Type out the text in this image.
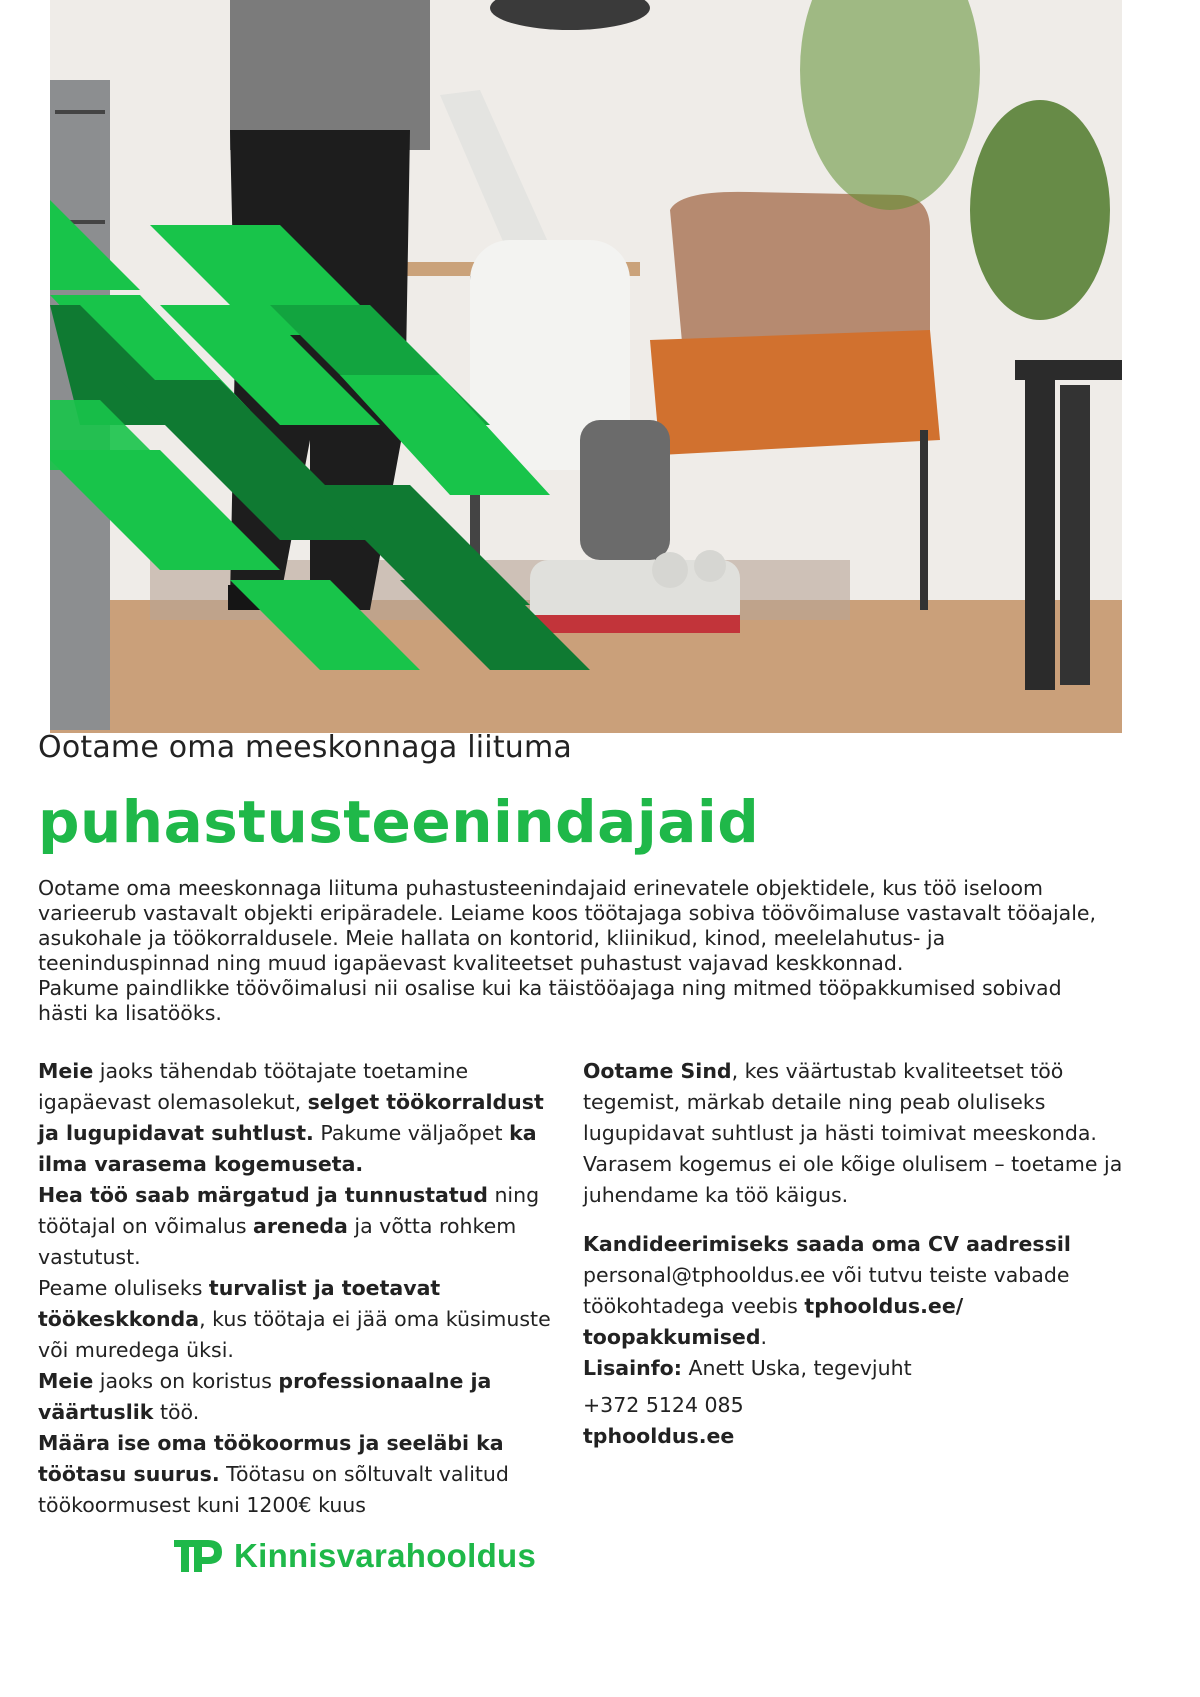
Ootame oma meeskonnaga liituma
puhastusteenindajaid

Ootame oma meeskonnaga liituma puhastusteenindajaid erinevatele objektidele, kus töö iseloom varieerub vastavalt objekti eripäradele. Leiame koos töötajaga sobiva töövõimaluse vastavalt tööajale, asukohale ja töökorraldusele. Meie hallata on kontorid, kliinikud, kinod, meelelahutus- ja teeninduspinnad ning muud igapäevast kvaliteetset puhastust vajavad keskkonnad.

Pakume paindlikke töövõimalusi nii osalise kui ka täistööajaga ning mitmed tööpakkumised sobivad hästi ka lisatööks.

Meie jaoks tähendab töötajate toetamine igapäevast olemasolekut, selget töökorraldust ja lugupidavat suhtlust. Pakume väljaõpet ka ilma varasema kogemuseta.

Hea töö saab märgatud ja tunnustatud ning töötajal on võimalus areneda ja võtta rohkem vastutust.

Peame oluliseks turvalist ja toetavat töökeskkonda, kus töötaja ei jää oma küsimuste või muredega üksi.

Meie jaoks on koristus professionaalne ja väärtuslik töö.

Määra ise oma töökoormus ja seeläbi ka töötasu suurus. Töötasu on sõltuvalt valitud töökoormusest kuni 1200€ kuus

Ootame Sind, kes väärtustab kvaliteetset töö tegemist, märkab detaile ning peab oluliseks lugupidavat suhtlust ja hästi toimivat meeskonda. Varasem kogemus ei ole kõige olulisem – toetame ja juhendame ka töö käigus.

Kandideerimiseks saada oma CV aadressil

personal@tphooldus.ee või tutvu teiste vabade töökohtadega veebis tphooldus.ee/ toopakkumised.

Lisainfo: Anett Uska, tegevjuht

+372 5124 085

tphooldus.ee

Kinnisvarahooldus
